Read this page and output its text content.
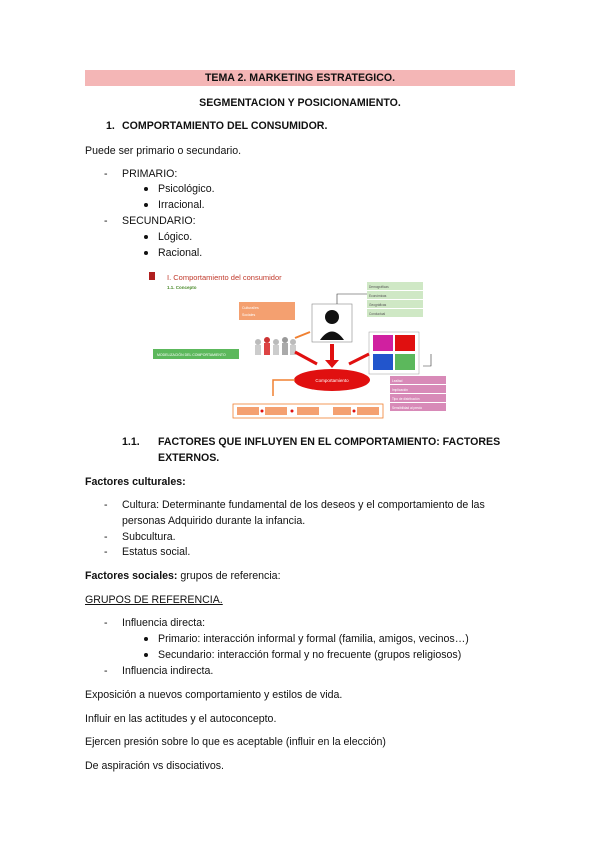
TEMA 2. MARKETING ESTRATEGICO.
SEGMENTACION Y POSICIONAMIENTO.
1. COMPORTAMIENTO DEL CONSUMIDOR.
Puede ser primario o secundario.
- PRIMARIO:
Psicológico.
Irracional.
- SECUNDARIO:
Lógico.
Racional.
I. Comportamiento del consumidor
1.1. Concepto
Cultural/es
Sociales
MODELIZACIÓN DEL COMPORTAMIENTO
Demográficas
Económicas
Geográficas
Conductual
Comportamiento	Lealtad
Implicación
Tipo de distribución
Sensibilidad al precio
1.1. FACTORES QUE INFLUYEN EN EL COMPORTAMIENTO: FACTORES
EXTERNOS.
Factores culturales:
- Cultura: Determinante fundamental de los deseos y el comportamiento de las
personas Adquirido durante la infancia.
- Subcultura.
- Estatus social.
Factores sociales: grupos de referencia:
GRUPOS DE REFERENCIA.
- Influencia directa:
Primario: interacción informal y formal (familia, amigos, vecinos…)
Secundario: interacción formal y no frecuente (grupos religiosos)
- Influencia indirecta.
Exposición a nuevos comportamiento y estilos de vida.
Influir en las actitudes y el autoconcepto.
Ejercen presión sobre lo que es aceptable (influir en la elección)
De aspiración vs disociativos.
